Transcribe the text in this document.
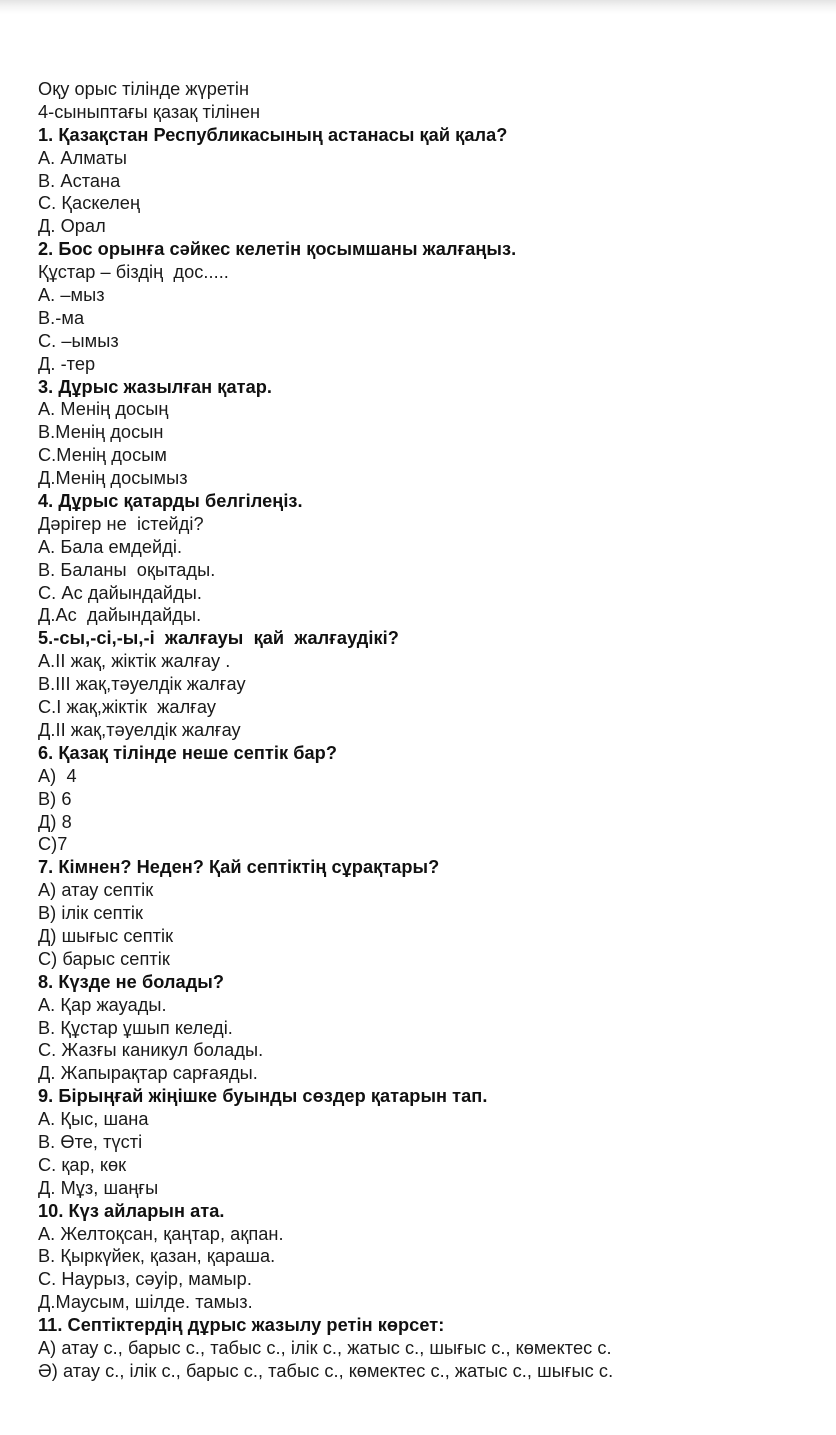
Оқу орыс тілінде жүретін
4-сыныптағы қазақ тілінен
1. Қазақстан Республикасының астанасы қай қала?
А. Алматы
В. Астана
С. Қаскелең
Д. Орал
2. Бос орынға сәйкес келетін қосымшаны жалғаңыз.
Құстар – біздің  дос.....
А. –мыз
В.-ма
С. –ымыз
Д. -тер
3. Дұрыс жазылған қатар.
А. Менің досың
В.Менің досын
С.Менің досым
Д.Менің досымыз
4. Дұрыс қатарды белгілеңіз.
Дәрігер не  істейді?
А. Бала емдейді.
В. Баланы  оқытады.
С. Ас дайындайды.
Д.Ас  дайындайды.
5.-сы,-сі,-ы,-і  жалғауы  қай  жалғаудікі?
А.ІІ жақ, жіктік жалғау .
В.ІІІ жақ,тәуелдік жалғау
С.І жақ,жіктік  жалғау
Д.ІІ жақ,тәуелдік жалғау
6. Қазақ тілінде неше септік бар?
А)  4
В) 6
Д) 8
С)7
7. Кімнен? Неден? Қай септіктің сұрақтары?
А) атау септік
В) ілік септік
Д) шығыс септік
С) барыс септік
8. Күзде не болады?
А. Қар жауады.
В. Құстар ұшып келеді.
С. Жазғы каникул болады.
Д. Жапырақтар сарғаяды.
9. Бірыңғай жіңішке буынды сөздер қатарын тап.
А. Қыс, шана
В. Өте, түсті
С. қар, көк
Д. Мұз, шаңғы
10. Күз айларын ата.
А. Желтоқсан, қаңтар, ақпан.
В. Қыркүйек, қазан, қараша.
С. Наурыз, сәуір, мамыр.
Д.Маусым, шілде. тамыз.
11. Септіктердің дұрыс жазылу ретін көрсет:
А) атау с., барыс с., табыс с., ілік с., жатыс с., шығыс с., көмектес с.
Ә) атау с., ілік с., барыс с., табыс с., көмектес с., жатыс с., шығыс с.
